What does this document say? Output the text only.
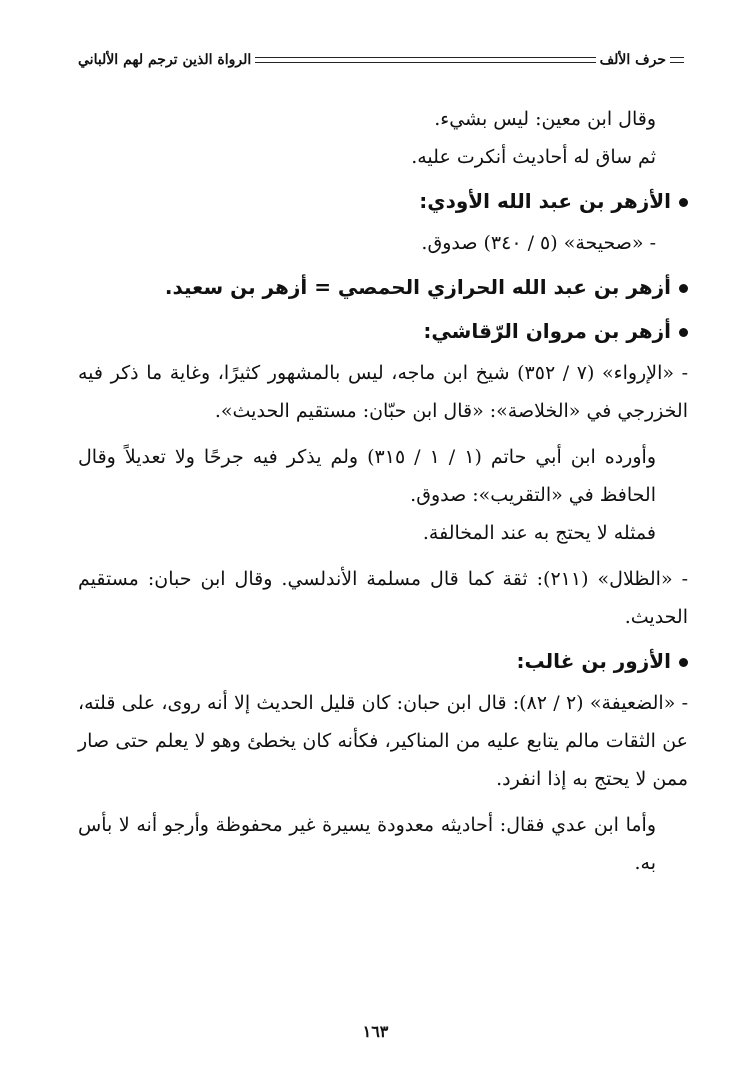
حرف الألف
الرواة الذين ترجم لهم الألباني

وقال ابن معين: ليس بشيء.

ثم ساق له أحاديث أنكرت عليه.

الأزهر بن عبد الله الأودي:

- «صحيحة» (٥ / ٣٤٠) صدوق.

أزهر بن عبد الله الحرازي الحمصي = أزهر بن سعيد.
أزهر بن مروان الرّقاشي:

- «الإرواء» (٧ / ٣٥٢) شيخ ابن ماجه، ليس بالمشهور كثيرًا، وغاية ما ذكر فيه الخزرجي في «الخلاصة»: «قال ابن حبّان: مستقيم الحديث».

وأورده ابن أبي حاتم (١ / ١ / ٣١٥) ولم يذكر فيه جرحًا ولا تعديلاً وقال الحافظ في «التقريب»: صدوق.

فمثله لا يحتج به عند المخالفة.

- «الظلال» (٢١١): ثقة كما قال مسلمة الأندلسي. وقال ابن حبان: مستقيم الحديث.

الأزور بن غالب:

- «الضعيفة» (٢ / ٨٢): قال ابن حبان: كان قليل الحديث إلا أنه روى، على قلته، عن الثقات مالم يتابع عليه من المناكير، فكأنه كان يخطئ وهو لا يعلم حتى صار ممن لا يحتج به إذا انفرد.

وأما ابن عدي فقال: أحاديثه معدودة يسيرة غير محفوظة وأرجو أنه لا بأس به.

١٦٣
